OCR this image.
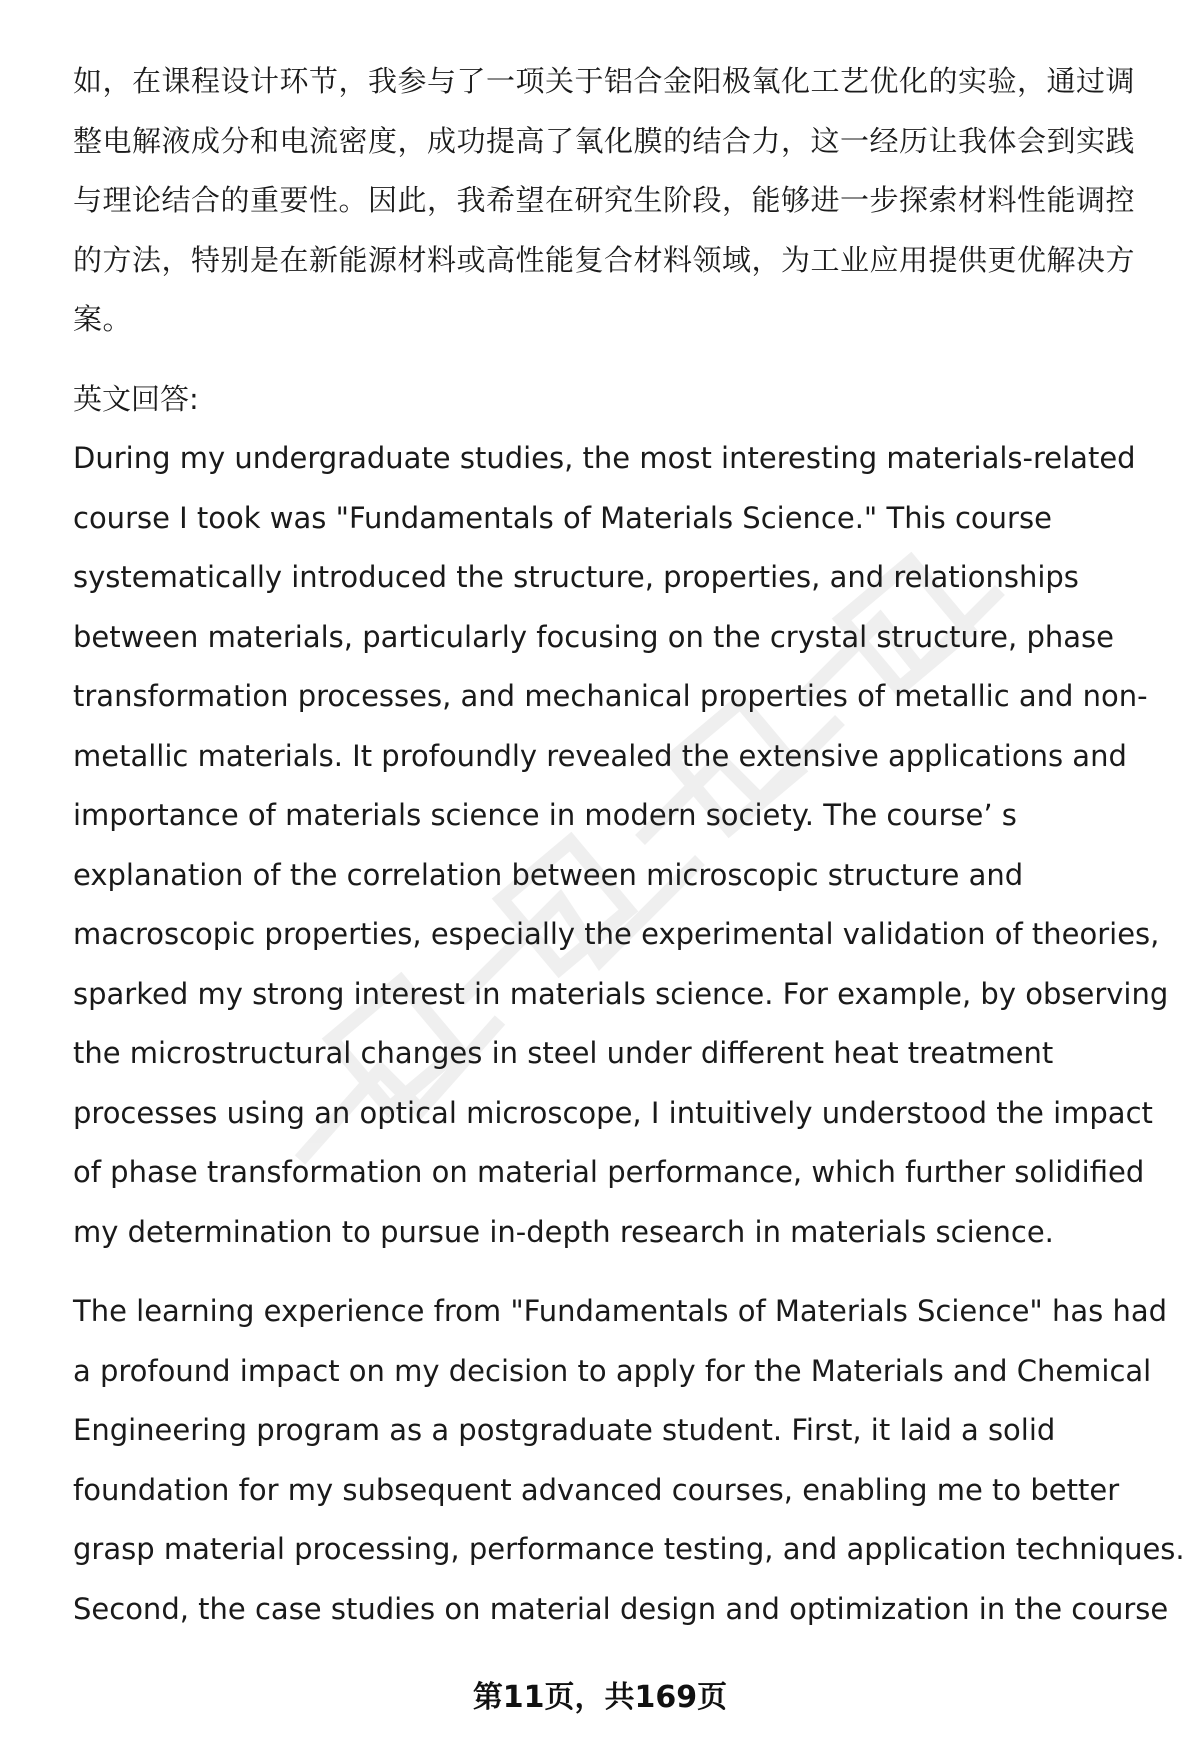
如，在课程设计环节，我参与了一项关于铝合金阳极氧化工艺优化的实验，通过调
整电解液成分和电流密度，成功提高了氧化膜的结合力，这一经历让我体会到实践
与理论结合的重要性。因此，我希望在研究生阶段，能够进一步探索材料性能调控
的方法，特别是在新能源材料或高性能复合材料领域，为工业应用提供更优解决方
案。

英文回答:

During my undergraduate studies, the most interesting materials-related
course I took was "Fundamentals of Materials Science." This course
systematically introduced the structure, properties, and relationships
between materials, particularly focusing on the crystal structure, phase
transformation processes, and mechanical properties of metallic and non-
metallic materials. It profoundly revealed the extensive applications and
importance of materials science in modern society. The course’ s
explanation of the correlation between microscopic structure and
macroscopic properties, especially the experimental validation of theories,
sparked my strong interest in materials science. For example, by observing
the microstructural changes in steel under different heat treatment
processes using an optical microscope, I intuitively understood the impact
of phase transformation on material performance, which further solidified
my determination to pursue in-depth research in materials science.

The learning experience from "Fundamentals of Materials Science" has had
a profound impact on my decision to apply for the Materials and Chemical
Engineering program as a postgraduate student. First, it laid a solid
foundation for my subsequent advanced courses, enabling me to better
grasp material processing, performance testing, and application techniques.
Second, the case studies on material design and optimization in the course

第11页，共169页
